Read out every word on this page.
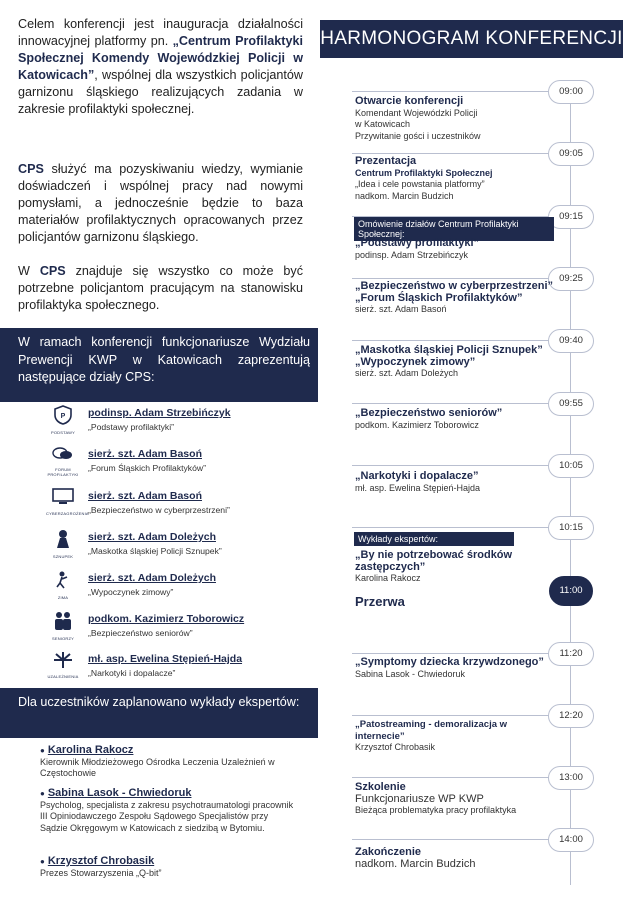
Celem konferencji jest inauguracja działalności innowacyjnej platformy pn. „Centrum Profilaktyki Społecznej Komendy Wojewódzkiej Policji w Katowicach”, wspólnej dla wszystkich policjantów garnizonu śląskiego realizujących zadania w zakresie profilaktyki społecznej.
CPS służyć ma pozyskiwaniu wiedzy, wymianie doświadczeń i wspólnej pracy nad nowymi pomysłami, a jednocześnie będzie to baza materiałów profilaktycznych opracowanych przez policjantów garnizonu śląskiego.
W CPS znajduje się wszystko co może być potrzebne policjantom pracującym na stanowisku profilaktyka społecznego.
W ramach konferencji funkcjonariusze Wydziału Prewencji KWP w Katowicach zaprezentują następujące działy CPS:
P
PODSTAWY
podinsp. Adam Strzebińczyk
„Podstawy profilaktyki”
FORUM PROFILAKTYKI
sierż. szt. Adam Basoń
„Forum Śląskich Profilaktyków”
CYBERZAGROŻENIA
sierż. szt. Adam Basoń
„Bezpieczeństwo w cyberprzestrzeni”
SZNUPEK
sierż. szt. Adam Doleżych
„Maskotka śląskiej Policji Sznupek”
ZIMA
sierż. szt. Adam Doleżych
„Wypoczynek zimowy”
SENIORZY
podkom. Kazimierz Toborowicz
„Bezpieczeństwo seniorów”
UZALEŻNIENIA
mł. asp. Ewelina Stępień-Hajda
„Narkotyki i dopalacze”
Dla uczestników zaplanowano wykłady ekspertów:
● Karolina Rakocz
Kierownik Młodzieżowego Ośrodka Leczenia Uzależnień w Częstochowie
● Sabina Lasok - Chwiedoruk
Psycholog, specjalista z zakresu psychotraumatologi pracownik III Opiniodawczego Zespołu Sądowego Specjalistów przy Sądzie Okręgowym w Katowicach z siedzibą w Bytomiu.
● Krzysztof Chrobasik
Prezes Stowarzyszenia „Q-bit”
HARMONOGRAM KONFERENCJI
09:00
09:05
09:15
09:25
09:40
09:55
10:05
10:15
11:00
11:20
12:20
13:00
14:00
Otwarcie konferencji
Komendant Wojewódzki Policji
w Katowicach
Przywitanie gości i uczestników
Prezentacja
Centrum Profilaktyki Społecznej
„Idea i cele powstania platformy”
nadkom. Marcin Budzich
Omówienie działów Centrum Profilaktyki Społecznej:
„Podstawy profilaktyki”
podinsp. Adam Strzebińczyk
„Bezpieczeństwo w cyberprzestrzeni”
„Forum Śląskich Profilaktyków”
sierż. szt. Adam Basoń
„Maskotka śląskiej Policji Sznupek”
„Wypoczynek zimowy”
sierż. szt. Adam Doleżych
„Bezpieczeństwo seniorów”
podkom. Kazimierz Toborowicz
„Narkotyki i dopalacze”
mł. asp. Ewelina Stępień-Hajda
Wykłady ekspertów:
„By nie potrzebować środków zastępczych”
Karolina Rakocz
Przerwa
„Symptomy dziecka krzywdzonego”
Sabina Lasok - Chwiedoruk
„Patostreaming - demoralizacja w internecie”
Krzysztof Chrobasik
Szkolenie
Funkcjonariusze WP KWP
Bieżąca problematyka pracy profilaktyka
Zakończenie
nadkom. Marcin Budzich
